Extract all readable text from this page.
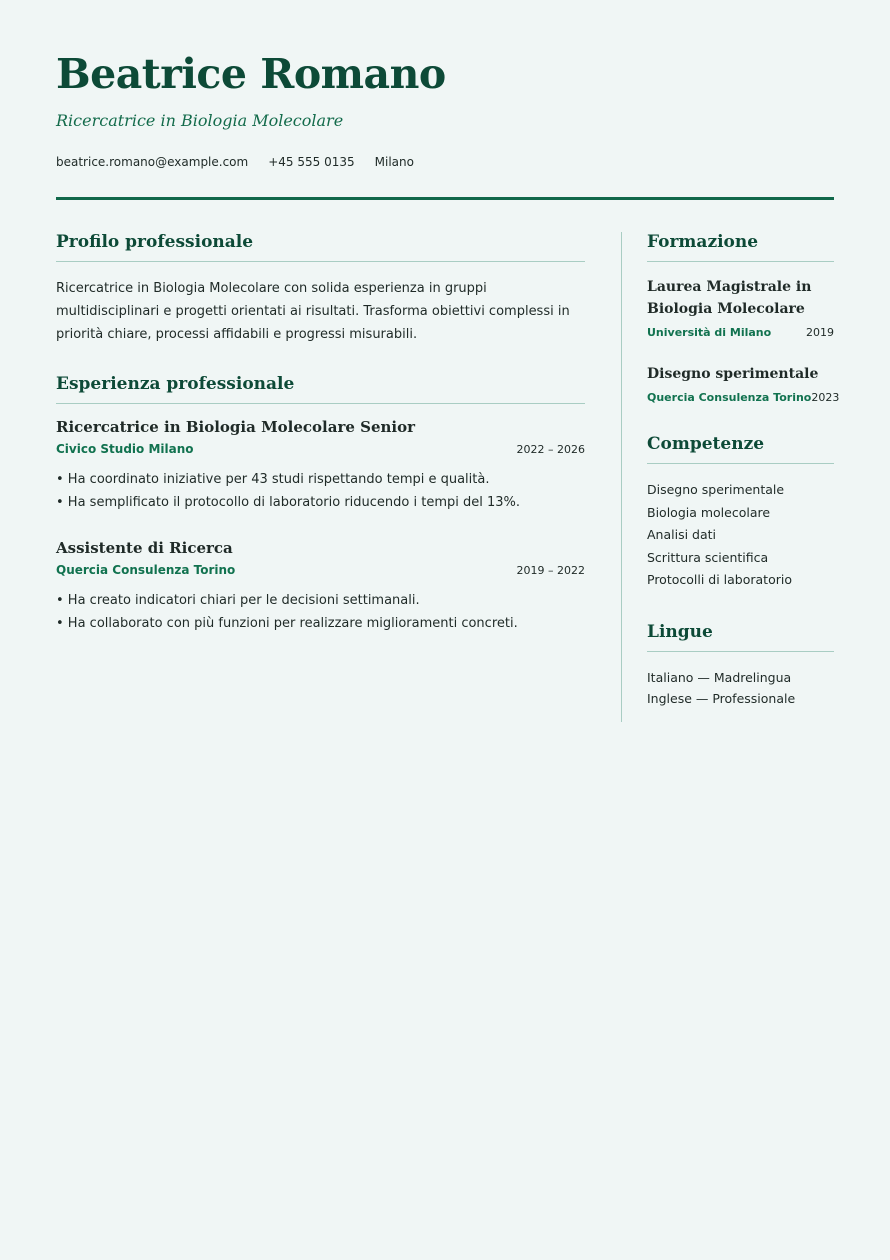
Beatrice Romano
Ricercatrice in Biologia Molecolare
beatrice.romano@example.com +45 555 0135 Milano
Profilo professionale

Ricercatrice in Biologia Molecolare con solida esperienza in gruppi multidisciplinari e progetti orientati ai risultati. Trasforma obiettivi complessi in priorità chiare, processi affidabili e progressi misurabili.

Esperienza professionale
Ricercatrice in Biologia Molecolare Senior
Civico Studio Milano	2022 – 2026
• Ha coordinato iniziative per 43 studi rispettando tempi e qualità.
• Ha semplificato il protocollo di laboratorio riducendo i tempi del 13%.
Assistente di Ricerca
Quercia Consulenza Torino	2019 – 2022
• Ha creato indicatori chiari per le decisioni settimanali.
• Ha collaborato con più funzioni per realizzare miglioramenti concreti.
Formazione
Laurea Magistrale in Biologia Molecolare
Università di Milano	2019
Disegno sperimentale
Quercia Consulenza Torino 2023
Competenze
Disegno sperimentale
Biologia molecolare
Analisi dati
Scrittura scientifica
Protocolli di laboratorio
Lingue
Italiano — Madrelingua
Inglese — Professionale
